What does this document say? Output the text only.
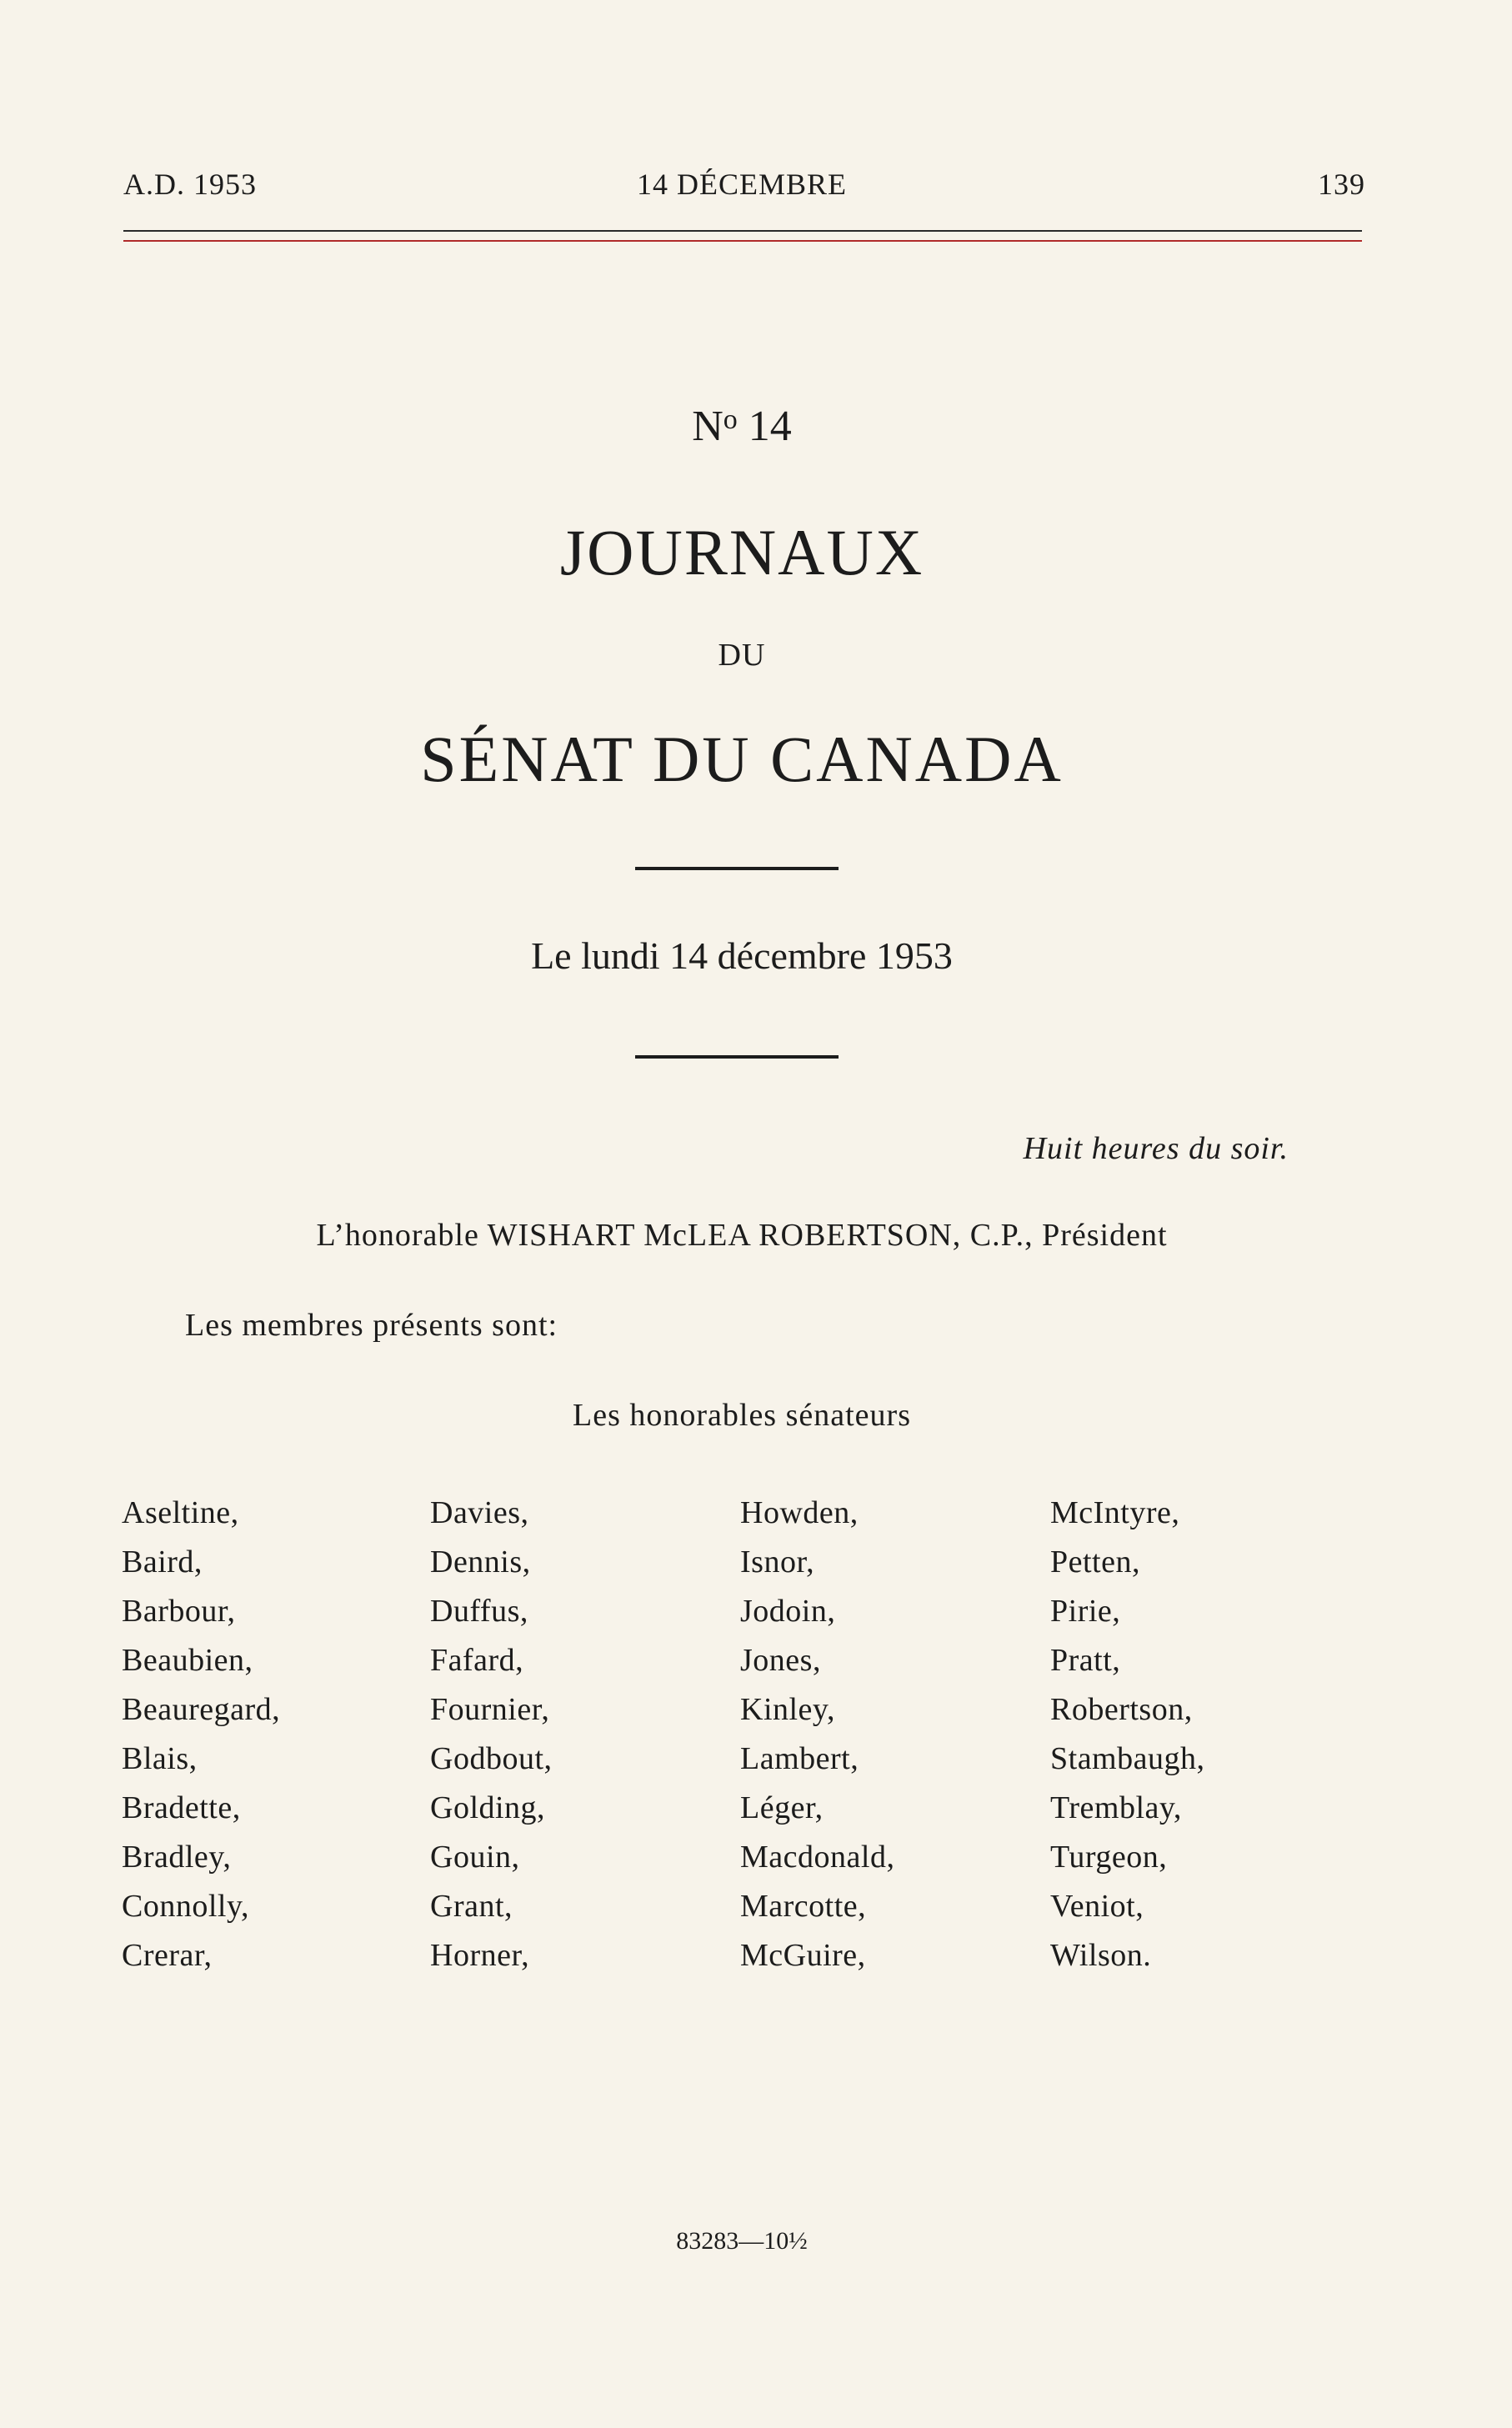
A.D. 1953	14 DÉCEMBRE	139
$N^o$ 14
JOURNAUX
DU
SÉNAT DU CANADA
Le lundi 14 décembre 1953
Huit heures du soir.
L’honorable WISHART McLEA ROBERTSON, C.P., Président
Les membres présents sont:
Les honorables sénateurs
Aseltine,
Baird,
Barbour,
Beaubien,
Beauregard,
Blais,
Bradette,
Bradley,
Connolly,
Crerar,
Davies,
Dennis,
Duffus,
Fafard,
Fournier,
Godbout,
Golding,
Gouin,
Grant,
Horner,
Howden,
Isnor,
Jodoin,
Jones,
Kinley,
Lambert,
Léger,
Macdonald,
Marcotte,
McGuire,
McIntyre,
Petten,
Pirie,
Pratt,
Robertson,
Stambaugh,
Tremblay,
Turgeon,
Veniot,
Wilson.
83283—10½
